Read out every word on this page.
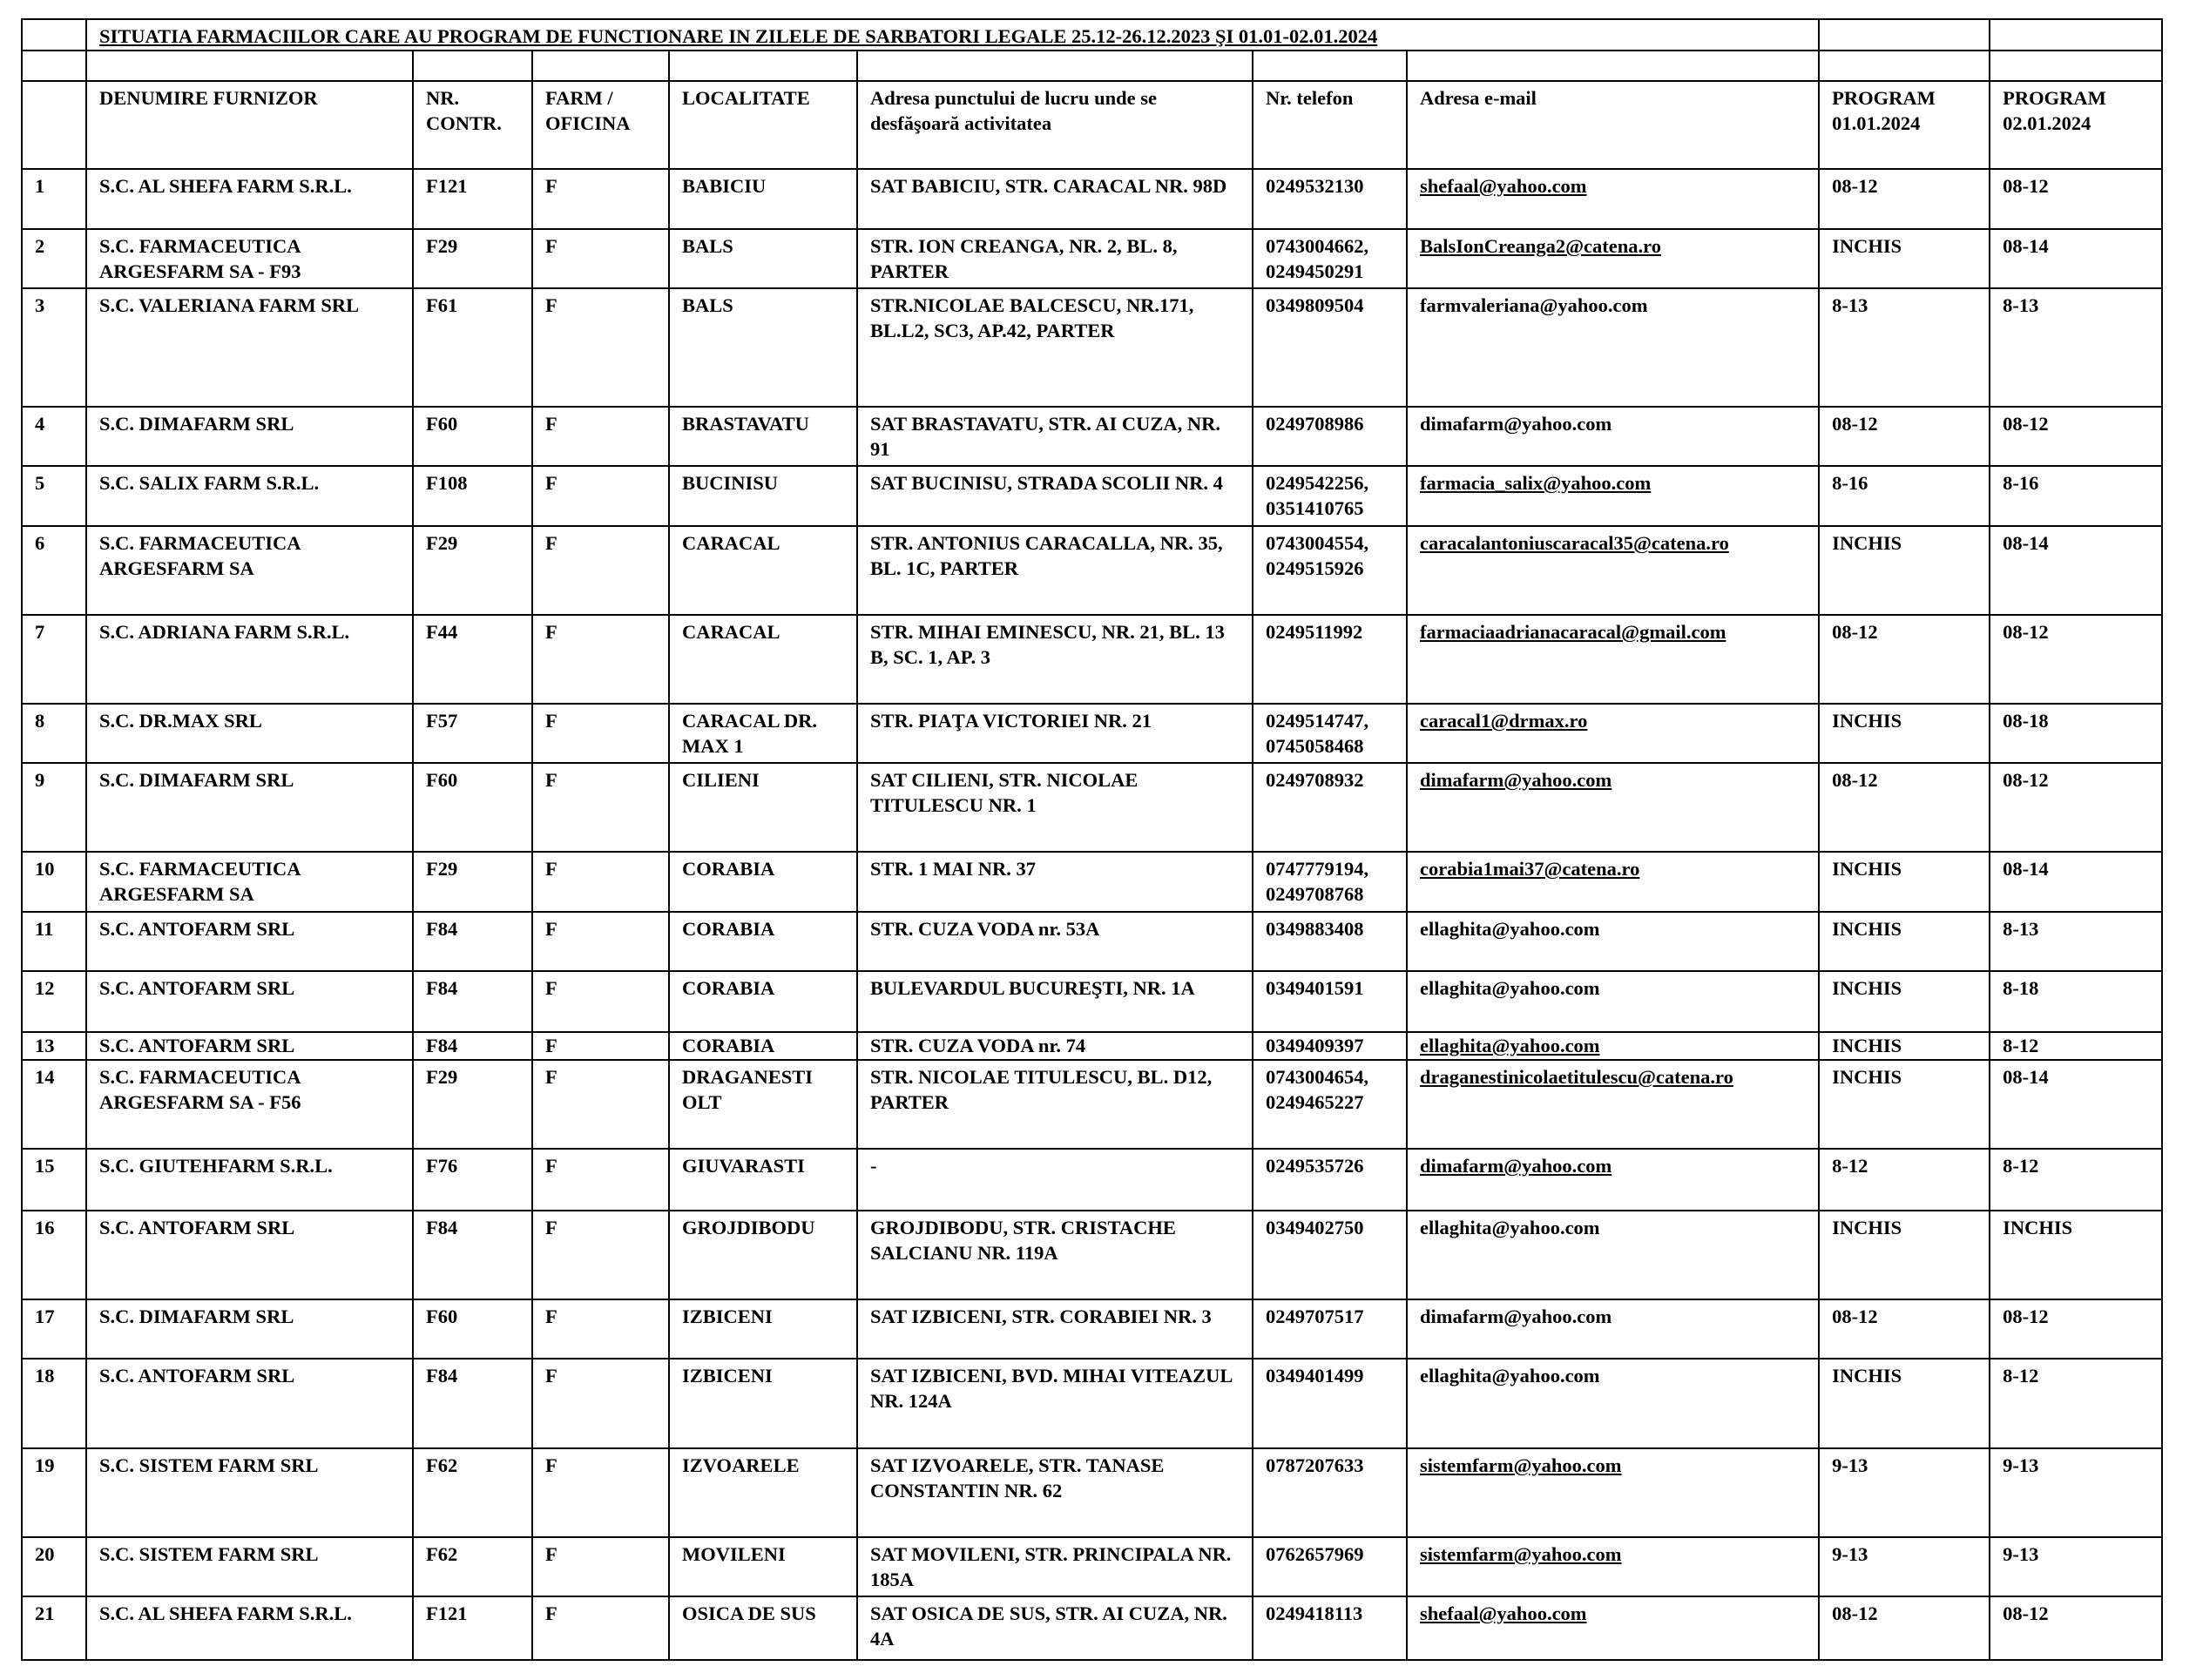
	SITUATIA FARMACIILOR CARE AU PROGRAM DE FUNCTIONARE IN ZILELE DE SARBATORI LEGALE 25.12-26.12.2023 ŞI 01.01-02.01.2024								

	DENUMIRE FURNIZOR	NR. CONTR.	FARM / OFICINA	LOCALITATE	Adresa punctului de lucru unde se desfăşoară activitatea	Nr. telefon	Adresa e-mail	PROGRAM 01.01.2024	PROGRAM 02.01.2024
1	S.C. AL SHEFA FARM S.R.L.	F121	F	BABICIU	SAT BABICIU, STR. CARACAL NR. 98D	0249532130	shefaal@yahoo.com	08-12	08-12
2	S.C. FARMACEUTICA ARGESFARM SA - F93	F29	F	BALS	STR. ION CREANGA, NR. 2, BL. 8, PARTER	0743004662, 0249450291	BalsIonCreanga2@catena.ro	INCHIS	08-14
3	S.C. VALERIANA FARM SRL	F61	F	BALS	STR.NICOLAE BALCESCU, NR.171, BL.L2, SC3, AP.42, PARTER	0349809504	farmvaleriana@yahoo.com	8-13	8-13
4	S.C. DIMAFARM SRL	F60	F	BRASTAVATU	SAT BRASTAVATU, STR. AI CUZA, NR. 91	0249708986	dimafarm@yahoo.com	08-12	08-12
5	S.C. SALIX FARM S.R.L.	F108	F	BUCINISU	SAT BUCINISU, STRADA SCOLII NR. 4	0249542256, 0351410765	farmacia_salix@yahoo.com	8-16	8-16
6	S.C. FARMACEUTICA ARGESFARM SA	F29	F	CARACAL	STR. ANTONIUS CARACALLA, NR. 35, BL. 1C, PARTER	0743004554, 0249515926	caracalantoniuscaracal35@catena.ro	INCHIS	08-14
7	S.C. ADRIANA FARM S.R.L.	F44	F	CARACAL	STR. MIHAI EMINESCU, NR. 21, BL. 13 B, SC. 1, AP. 3	0249511992	farmaciaadrianacaracal@gmail.com	08-12	08-12
8	S.C. DR.MAX SRL	F57	F	CARACAL DR. MAX 1	STR. PIAŢA VICTORIEI NR. 21	0249514747, 0745058468	caracal1@drmax.ro	INCHIS	08-18
9	S.C. DIMAFARM SRL	F60	F	CILIENI	SAT CILIENI, STR. NICOLAE TITULESCU NR. 1	0249708932	dimafarm@yahoo.com	08-12	08-12
10	S.C. FARMACEUTICA ARGESFARM SA	F29	F	CORABIA	STR. 1 MAI NR. 37	0747779194, 0249708768	corabia1mai37@catena.ro	INCHIS	08-14
11	S.C. ANTOFARM SRL	F84	F	CORABIA	STR. CUZA VODA nr. 53A	0349883408	ellaghita@yahoo.com	INCHIS	8-13
12	S.C. ANTOFARM SRL	F84	F	CORABIA	BULEVARDUL BUCUREŞTI, NR. 1A	0349401591	ellaghita@yahoo.com	INCHIS	8-18
13	S.C. ANTOFARM SRL	F84	F	CORABIA	STR. CUZA VODA nr. 74	0349409397	ellaghita@yahoo.com	INCHIS	8-12
14	S.C. FARMACEUTICA ARGESFARM SA - F56	F29	F	DRAGANESTI OLT	STR. NICOLAE TITULESCU, BL. D12, PARTER	0743004654, 0249465227	draganestinicolaetitulescu@catena.ro	INCHIS	08-14
15	S.C. GIUTEHFARM S.R.L.	F76	F	GIUVARASTI	-	0249535726	dimafarm@yahoo.com	8-12	8-12
16	S.C. ANTOFARM SRL	F84	F	GROJDIBODU	GROJDIBODU, STR. CRISTACHE SALCIANU NR. 119A	0349402750	ellaghita@yahoo.com	INCHIS	INCHIS
17	S.C. DIMAFARM SRL	F60	F	IZBICENI	SAT IZBICENI, STR. CORABIEI NR. 3	0249707517	dimafarm@yahoo.com	08-12	08-12
18	S.C. ANTOFARM SRL	F84	F	IZBICENI	SAT IZBICENI, BVD. MIHAI VITEAZUL NR. 124A	0349401499	ellaghita@yahoo.com	INCHIS	8-12
19	S.C. SISTEM FARM SRL	F62	F	IZVOARELE	SAT IZVOARELE, STR. TANASE CONSTANTIN NR. 62	0787207633	sistemfarm@yahoo.com	9-13	9-13
20	S.C. SISTEM FARM SRL	F62	F	MOVILENI	SAT MOVILENI, STR. PRINCIPALA NR. 185A	0762657969	sistemfarm@yahoo.com	9-13	9-13
21	S.C. AL SHEFA FARM S.R.L.	F121	F	OSICA DE SUS	SAT OSICA DE SUS, STR. AI CUZA, NR. 4A	0249418113	shefaal@yahoo.com	08-12	08-12
